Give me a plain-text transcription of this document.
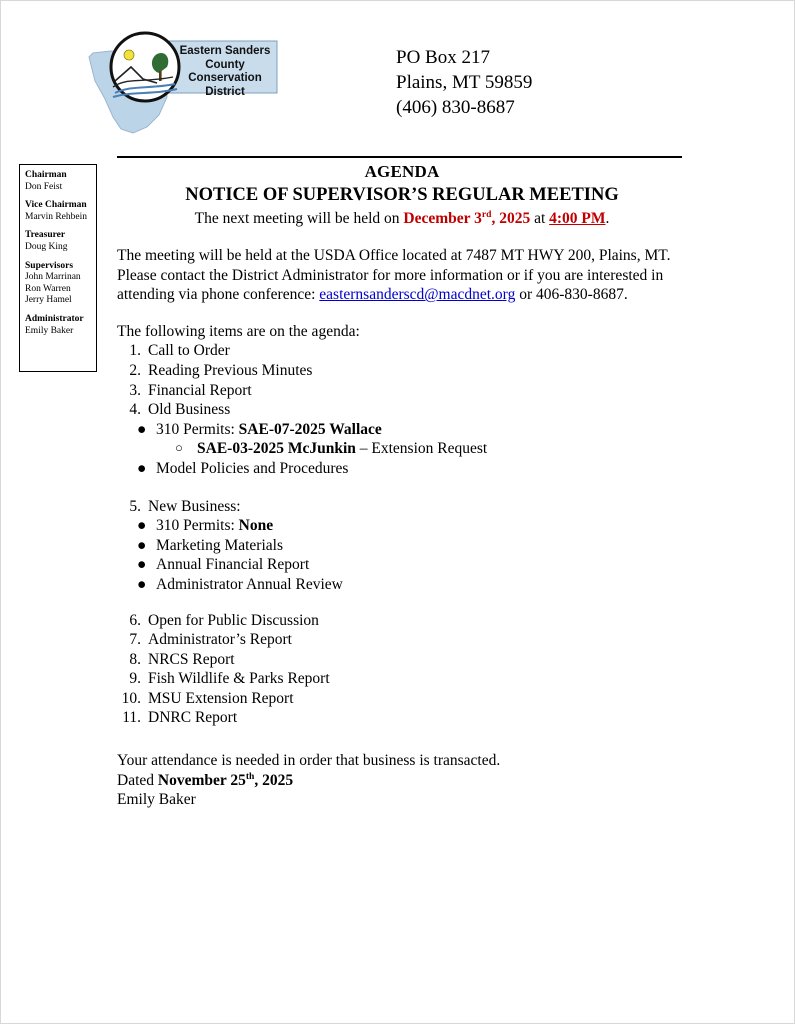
Eastern Sanders
County Conservation
District
PO Box 217
Plains, MT 59859
(406) 830-8687
Chairman
Don Feist
Vice Chairman
Marvin Rehbein
Treasurer
Doug King
Supervisors
John Marrinan
Ron Warren
Jerry Hamel
Administrator
Emily Baker
AGENDA
NOTICE OF SUPERVISOR’S REGULAR MEETING
The next meeting will be held on December 3rd, 2025 at 4:00 PM.
The meeting will be held at the USDA Office located at 7487 MT HWY 200, Plains, MT. Please contact the District Administrator for more information or if you are interested in attending via phone conference: easternsanderscd@macdnet.org or 406-830-8687.
The following items are on the agenda:
1. Call to Order
2. Reading Previous Minutes
3. Financial Report
4. Old Business
● 310 Permits: SAE-07-2025 Wallace
○ SAE-03-2025 McJunkin – Extension Request
● Model Policies and Procedures
5. New Business:
● 310 Permits: None
● Marketing Materials
● Annual Financial Report
● Administrator Annual Review
6. Open for Public Discussion
7. Administrator’s Report
8. NRCS Report
9. Fish Wildlife & Parks Report
10. MSU Extension Report
11. DNRC Report
Your attendance is needed in order that business is transacted.
Dated November 25th, 2025
Emily Baker
